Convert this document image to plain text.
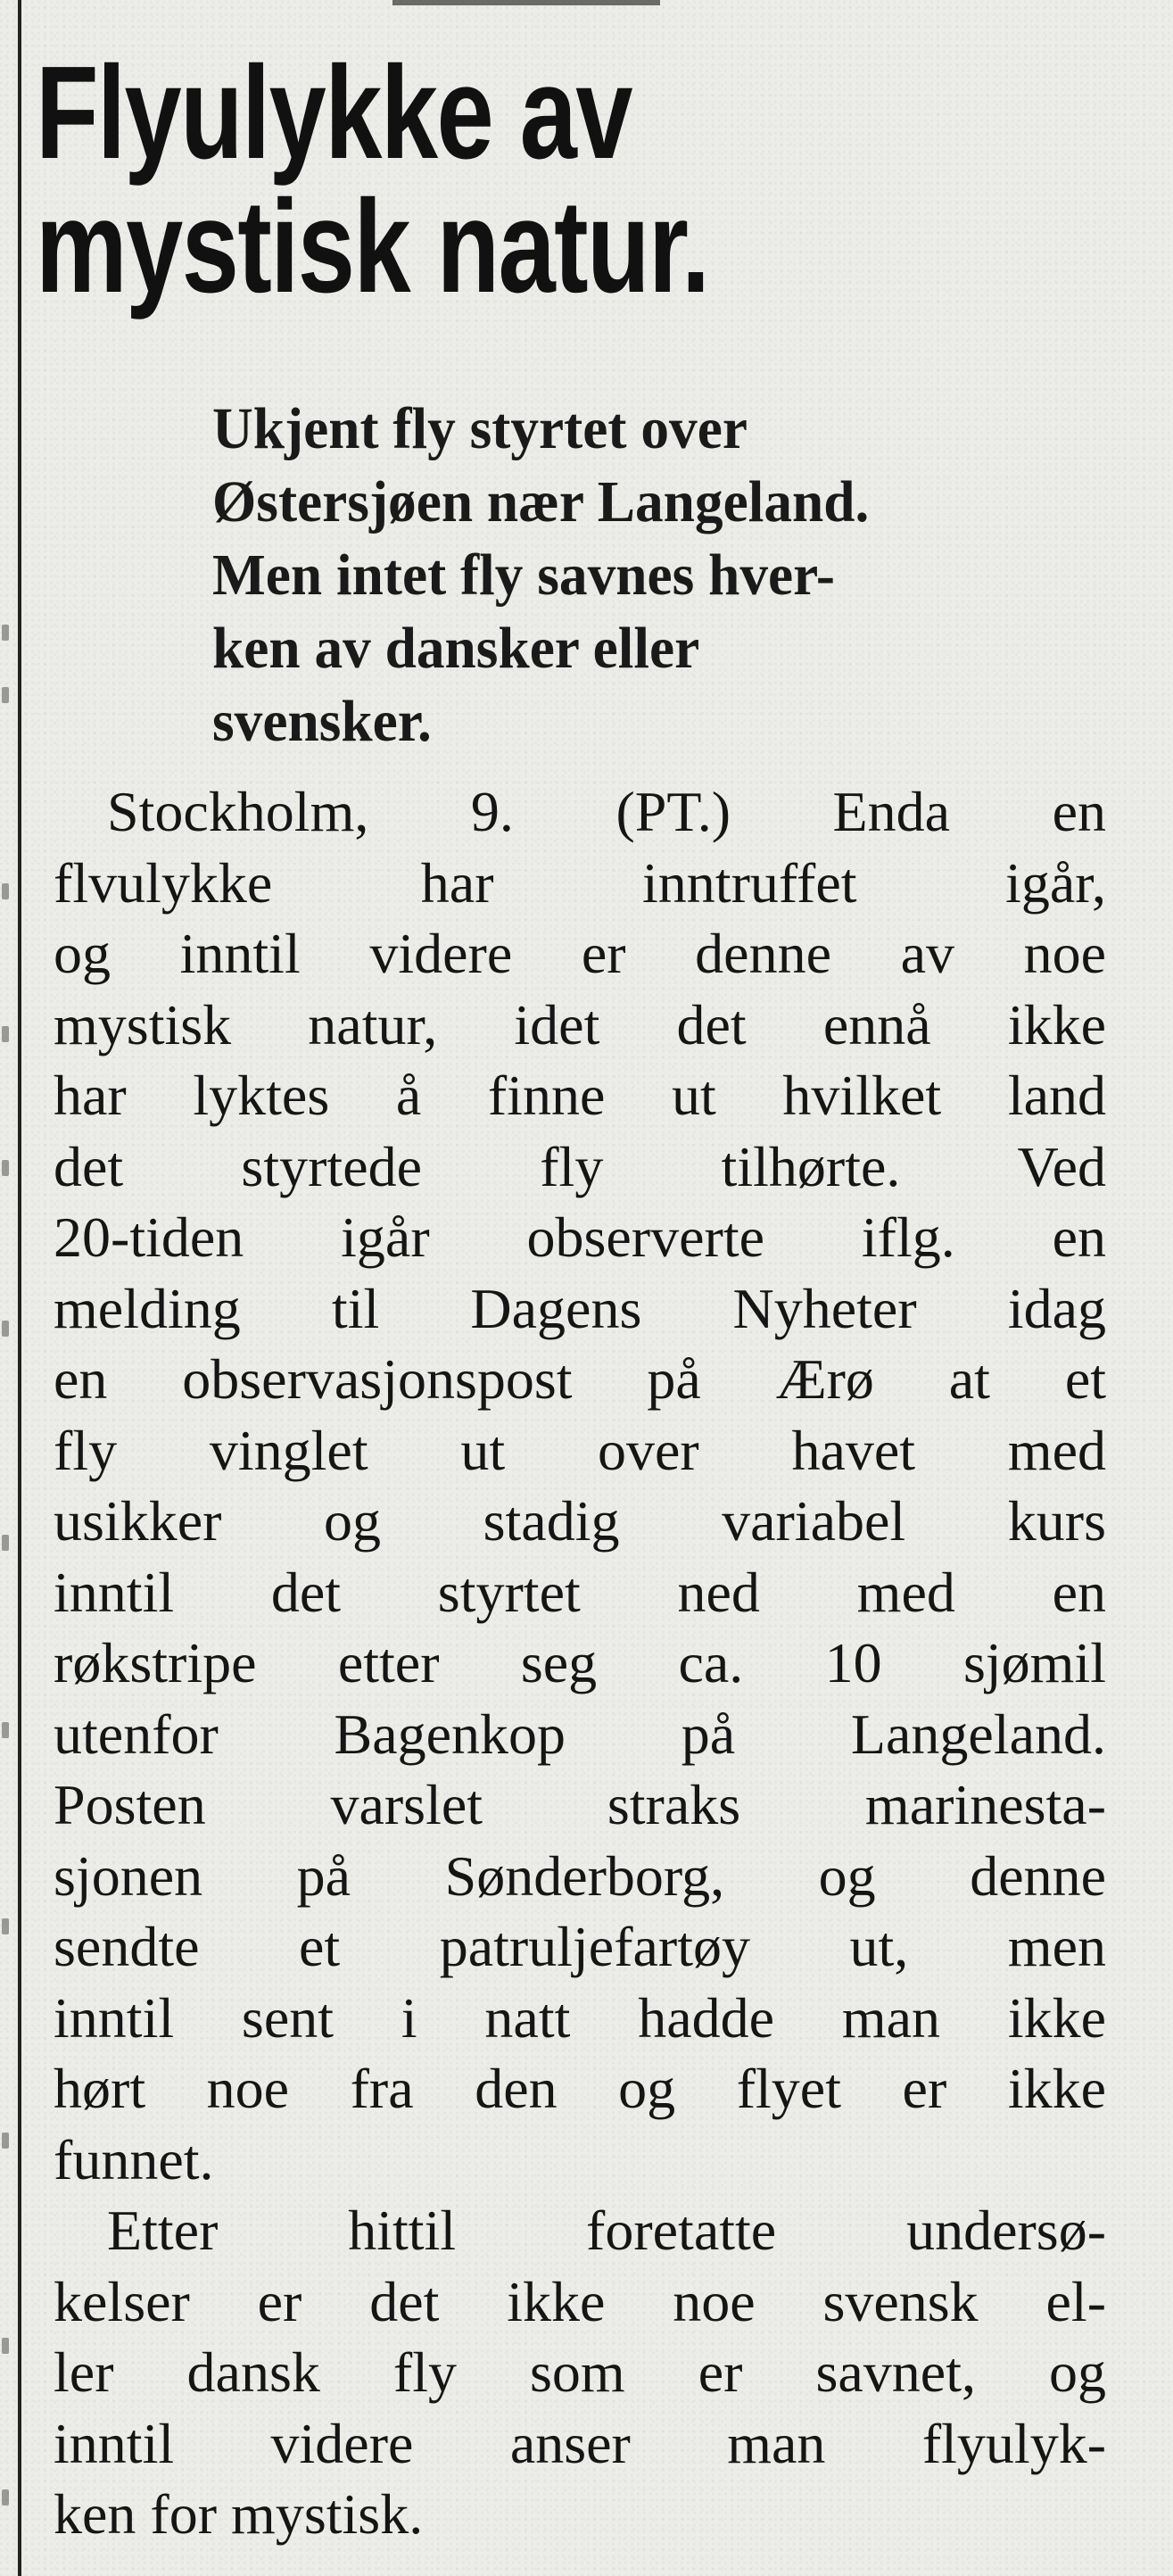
Flyulykke av
mystisk natur.
Ukjent fly styrtet over
Østersjøen nær Langeland.
Men intet fly savnes hver-
ken av dansker eller
svensker.
Stockholm, 9. (PT.) Enda en
flvulykke har inntruffet igår,
og inntil videre er denne av noe
mystisk natur, idet det ennå ikke
har lyktes å finne ut hvilket land
det styrtede fly tilhørte. Ved
20-tiden igår observerte iflg. en
melding til Dagens Nyheter idag
en observasjonspost på Ærø at et
fly vinglet ut over havet med
usikker og stadig variabel kurs
inntil det styrtet ned med en
røkstripe etter seg ca. 10 sjømil
utenfor Bagenkop på Langeland.
Posten varslet straks marinesta-
sjonen på Sønderborg, og denne
sendte et patruljefartøy ut, men
inntil sent i natt hadde man ikke
hørt noe fra den og flyet er ikke
funnet.
Etter hittil foretatte undersø-
kelser er det ikke noe svensk el-
ler dansk fly som er savnet, og
inntil videre anser man flyulyk-
ken for mystisk.
